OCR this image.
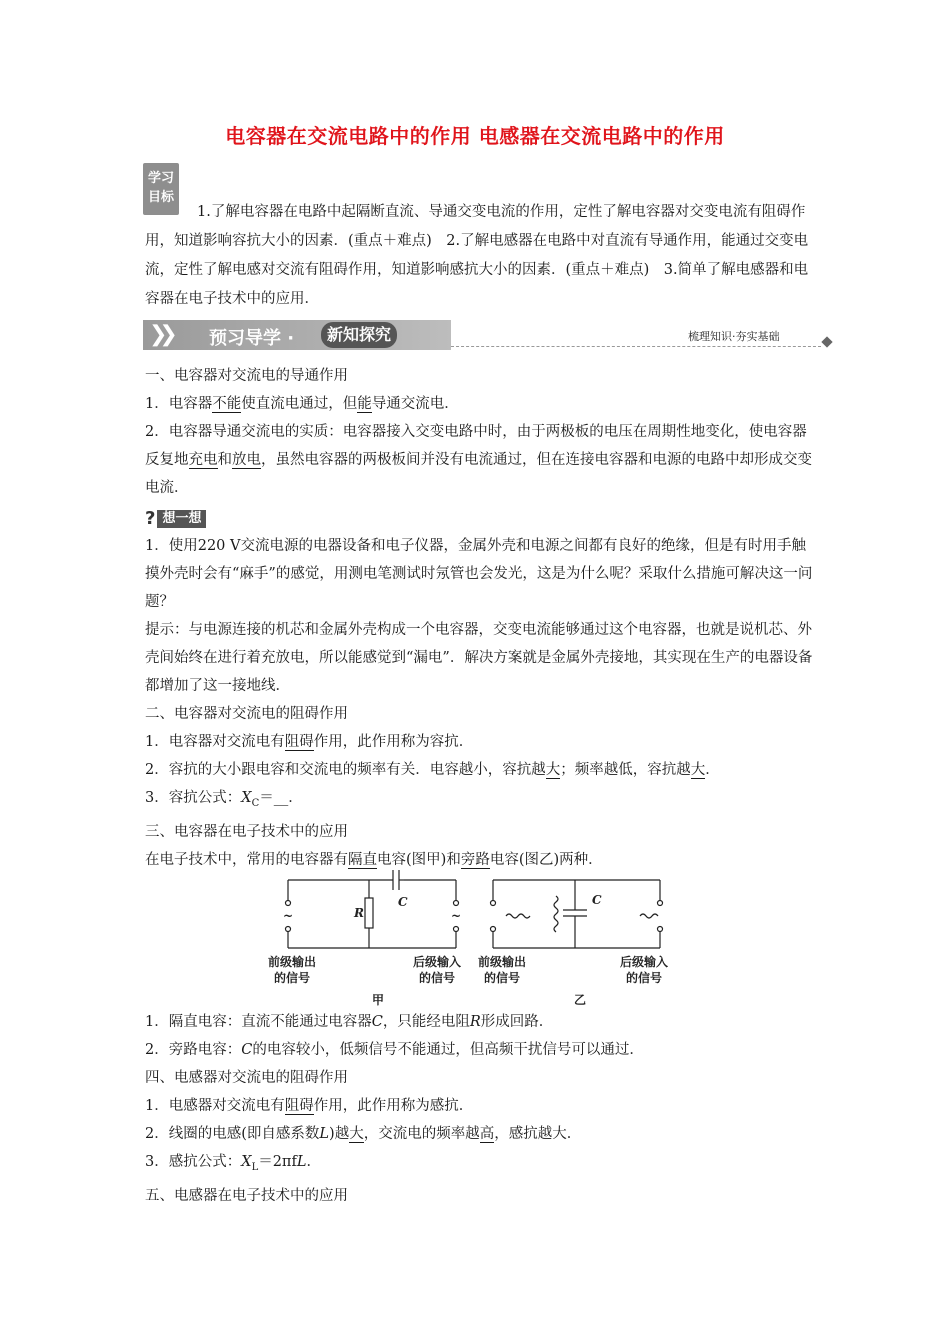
电容器在交流电路中的作用 电感器在交流电路中的作用
学习
目标
1.了解电容器在电路中起隔断直流、导通交变电流的作用，定性了解电容器对交变电流有阻碍作用，知道影响容抗大小的因素．(重点＋难点)　2.了解电感器在电路中对直流有导通作用，能通过交变电流，定性了解电感对交流有阻碍作用，知道影响感抗大小的因素．(重点＋难点)　3.简单了解电感器和电容器在电子技术中的应用．
❯❯ 预习导学 ·	新知探究	梳理知识·夯实基础

一、电容器对交流电的导通作用

1．电容器不能使直流电通过，但能导通交流电．

2．电容器导通交流电的实质：电容器接入交变电路中时，由于两极板的电压在周期性地变化，使电容器反复地充电和放电，虽然电容器的两极板间并没有电流通过，但在连接电容器和电源的电路中却形成交变电流．

? 想一想

1．使用220 V交流电源的电器设备和电子仪器，金属外壳和电源之间都有良好的绝缘，但是有时用手触摸外壳时会有“麻手”的感觉，用测电笔测试时氖管也会发光，这是为什么呢？采取什么措施可解决这一问题？

提示：与电源连接的机芯和金属外壳构成一个电容器，交变电流能够通过这个电容器，也就是说机芯、外壳间始终在进行着充放电，所以能感觉到“漏电”．解决方案就是金属外壳接地，其实现在生产的电器设备都增加了这一接地线．

二、电容器对交流电的阻碍作用

1．电容器对交流电有阻碍作用，此作用称为容抗．

2．容抗的大小跟电容和交流电的频率有关．电容越小，容抗越大；频率越低，容抗越大．

3．容抗公式：$X_C=\_\_$．

三、电容器在电子技术中的应用

在电子技术中，常用的电容器有隔直电容(图甲)和旁路电容(图乙)两种．

~	~
R
C	C
前级输出
的信号
后级输入
的信号
前级输出
的信号
后级输入
的信号
甲	乙

1．隔直电容：直流不能通过电容器C，只能经电阻R形成回路．

2．旁路电容：C的电容较小，低频信号不能通过，但高频干扰信号可以通过．

四、电感器对交流电的阻碍作用

1．电感器对交流电有阻碍作用，此作用称为感抗．

2．线圈的电感(即自感系数L)越大，交流电的频率越高，感抗越大．

3．感抗公式：$X_L=2\pi fL$．

五、电感器在电子技术中的应用
